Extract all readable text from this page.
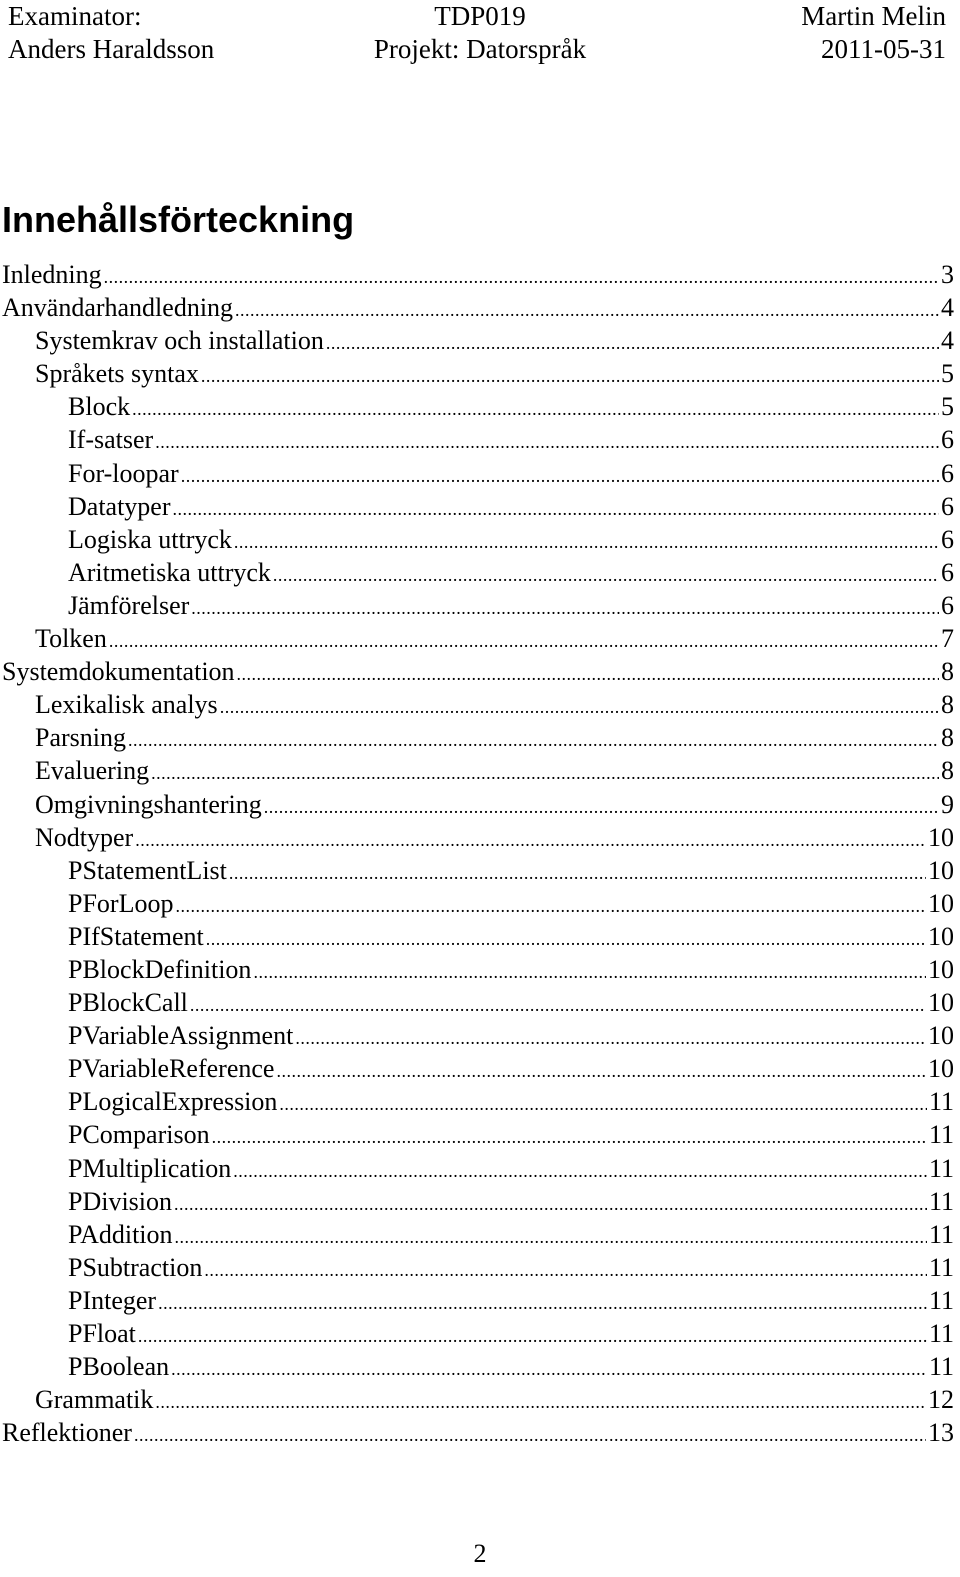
Examinator:
Anders Haraldsson
TDP019
Projekt: Datorspråk
Martin Melin
2011-05-31
Innehållsförteckning
Inledning .....	3
Användarhandledning .....	4
Systemkrav och installation .....	4
Språkets syntax .....	5
Block .....	5
If-satser .....	6
For-loopar .....	6
Datatyper .....	6
Logiska uttryck .....	6
Aritmetiska uttryck .....	6
Jämförelser .....	6
Tolken .....	7
Systemdokumentation .....	8
Lexikalisk analys .....	8
Parsning .....	8
Evaluering .....	8
Omgivningshantering .....	9
Nodtyper .....	10
PStatementList .....	10
PForLoop .....	10
PIfStatement .....	10
PBlockDefinition .....	10
PBlockCall .....	10
PVariableAssignment .....	10
PVariableReference .....	10
PLogicalExpression .....	11
PComparison .....	11
PMultiplication .....	11
PDivision .....	11
PAddition .....	11
PSubtraction .....	11
PInteger .....	11
PFloat .....	11
PBoolean .....	11
Grammatik .....	12
Reflektioner .....	13
2
